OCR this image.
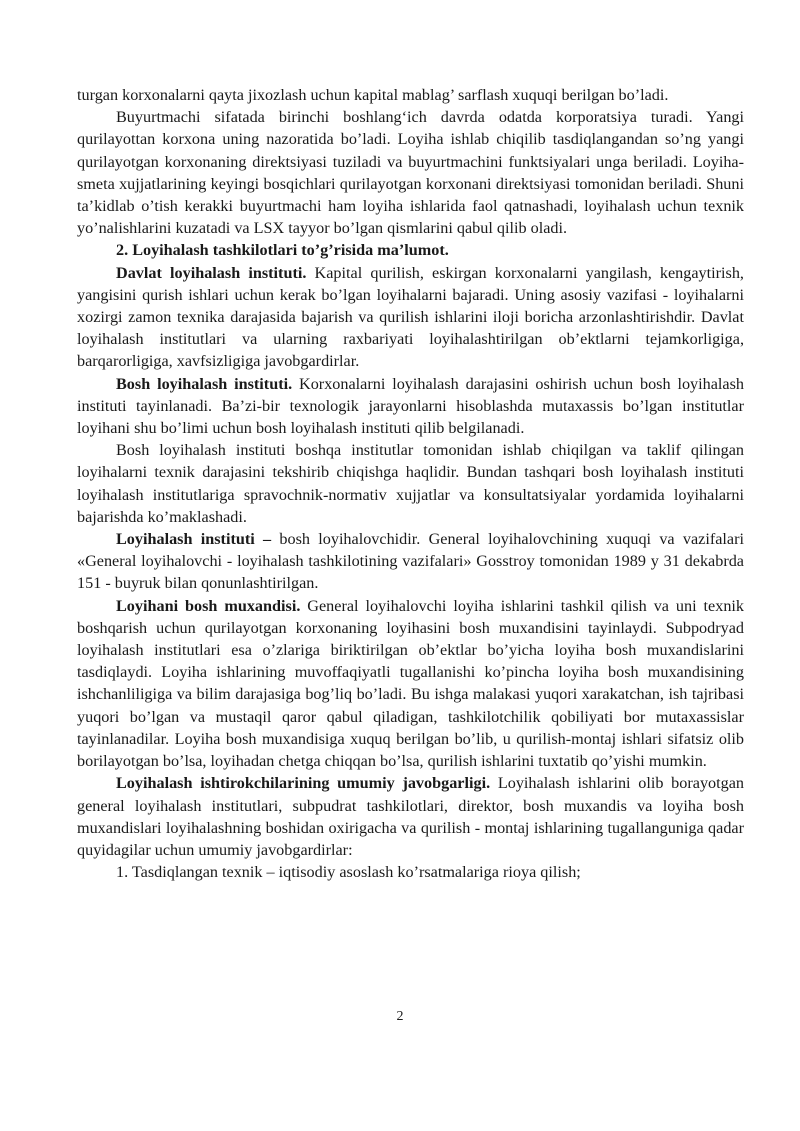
turgan korxonalarni qayta jixozlash uchun kapital mablag’ sarflash xuquqi berilgan bo’ladi.

Buyurtmachi sifatada birinchi boshlang‘ich davrda odatda korporatsiya turadi. Yangi qurilayottan korxona uning nazoratida bo’ladi. Loyiha ishlab chiqilib tasdiqlangandan so’ng yangi qurilayotgan korxonaning direktsiyasi tuziladi va buyurtmachini funktsiyalari unga beriladi. Loyiha-smeta xujjatlarining keyingi bosqichlari qurilayotgan korxonani direktsiyasi tomonidan beriladi. Shuni ta’kidlab o’tish kerakki buyurtmachi ham loyiha ishlarida faol qatnashadi, loyihalash uchun texnik yo’nalishlarini kuzatadi va LSX tayyor bo’lgan qismlarini qabul qilib oladi.

2. Loyihalash tashkilotlari to’g’risida ma’lumot.

Davlat loyihalash instituti. Kapital qurilish, eskirgan korxonalarni yangilash, kengaytirish, yangisini qurish ishlari uchun kerak bo’lgan loyihalarni bajaradi. Uning asosiy vazifasi - loyihalarni xozirgi zamon texnika darajasida bajarish va qurilish ishlarini iloji boricha arzonlashtirishdir. Davlat loyihalash institutlari va ularning raxbariyati loyihalashtirilgan ob’ektlarni tejamkorligiga, barqarorligiga, xavfsizligiga javobgardirlar.

Bosh loyihalash instituti. Korxonalarni loyihalash darajasini oshirish uchun bosh loyihalash instituti tayinlanadi. Ba’zi-bir texnologik jarayonlarni hisoblashda mutaxassis bo’lgan institutlar loyihani shu bo’limi uchun bosh loyihalash instituti qilib belgilanadi.

Bosh loyihalash instituti boshqa institutlar tomonidan ishlab chiqilgan va taklif qilingan loyihalarni texnik darajasini tekshirib chiqishga haqlidir. Bundan tashqari bosh loyihalash instituti loyihalash institutlariga spravochnik-normativ xujjatlar va konsultatsiyalar yordamida loyihalarni bajarishda ko’maklashadi.

Loyihalash instituti – bosh loyihalovchidir. General loyihalovchining xuquqi va vazifalari «General loyihalovchi - loyihalash tashkilotining vazifalari» Gosstroy tomonidan 1989 y 31 dekabrda 151 - buyruk bilan qonunlashtirilgan.

Loyihani bosh muxandisi. General loyihalovchi loyiha ishlarini tashkil qilish va uni texnik boshqarish uchun qurilayotgan korxonaning loyihasini bosh muxandisini tayinlaydi. Subpodryad loyihalash institutlari esa o’zlariga biriktirilgan ob’ektlar bo’yicha loyiha bosh muxandislarini tasdiqlaydi. Loyiha ishlarining muvoffaqiyatli tugallanishi ko’pincha loyiha bosh muxandisining ishchanliligiga va bilim darajasiga bog’liq bo’ladi. Bu ishga malakasi yuqori xarakatchan, ish tajribasi yuqori bo’lgan va mustaqil qaror qabul qiladigan, tashkilotchilik qobiliyati bor mutaxassislar tayinlanadilar. Loyiha bosh muxandisiga xuquq berilgan bo’lib, u qurilish-montaj ishlari sifatsiz olib borilayotgan bo’lsa, loyihadan chetga chiqqan bo’lsa, qurilish ishlarini tuxtatib qo’yishi mumkin.

Loyihalash ishtirokchilarining umumiy javobgarligi. Loyihalash ishlarini olib borayotgan general loyihalash institutlari, subpudrat tashkilotlari, direktor, bosh muxandis va loyiha bosh muxandislari loyihalashning boshidan oxirigacha va qurilish - montaj ishlarining tugallanguniga qadar quyidagilar uchun umumiy javobgardirlar:

1. Tasdiqlangan texnik – iqtisodiy asoslash ko’rsatmalariga rioya qilish;

2
